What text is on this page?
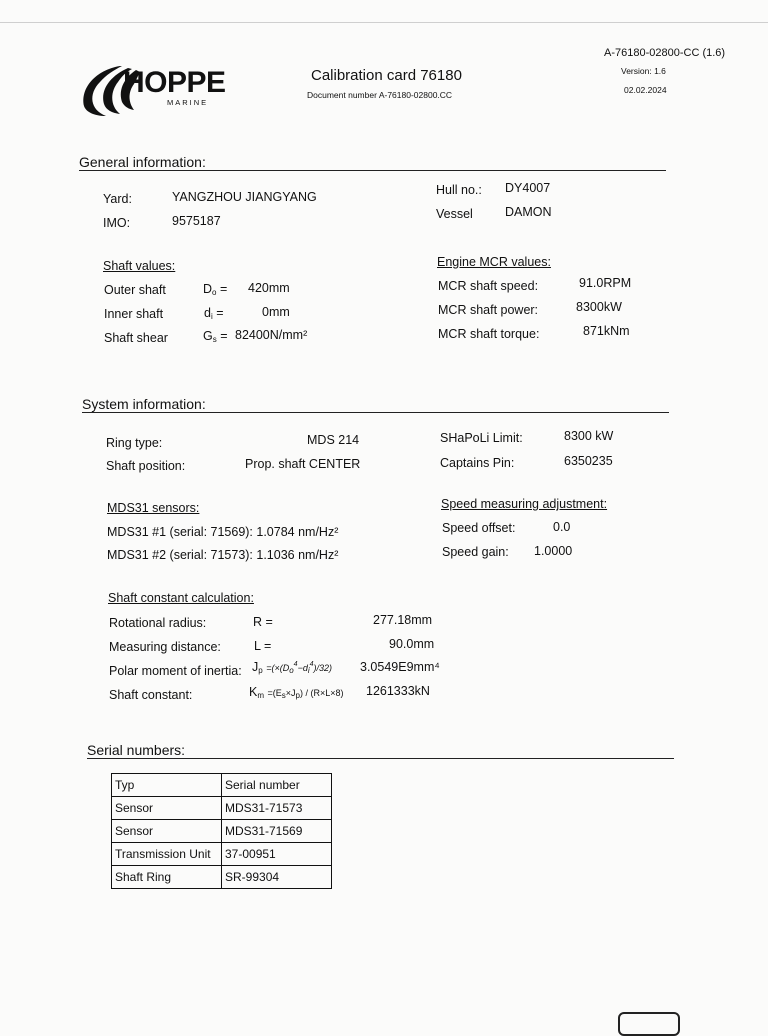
HOPPE
MARINE
Calibration card 76180
Document number A-76180-02800.CC
A-76180-02800-CC (1.6)
Version: 1.6
02.02.2024
General information:
Yard:	YANGZHOU JIANGYANG
IMO:	9575187
Hull no.: DY4007
Vessel	DAMON
Shaft values:
Outer shaft	$D_o = 420mm$
Inner shaft	$d_i$ =	0mm
Shaft shear	$G_s = 82400N/mm^2$
Engine MCR values:
MCR shaft speed:	91.0RPM
MCR shaft power:	8300kW
MCR shaft torque:	871kNm
System information:
Ring type:	MDS 214
Shaft position:	Prop. shaft CENTER
SHaPoLi Limit:	8300 kW
Captains Pin:	6350235
MDS31 sensors:
MDS31 #1 (serial: 71569): 1.0784 nm/Hz²
MDS31 #2 (serial: 71573): 1.1036 nm/Hz²
Speed measuring adjustment:
Speed offset:	0.0
Speed gain: 1.0000
Shaft constant calculation:
Rotational radius:	R =	277.18mm
Measuring distance:	L =	90.0mm
Polar moment of inertia: $J_p =(\times(Do^4-di^4)/32)$ 3.0549E9mm⁴
Shaft constant:	$K_m =(Es\times Jp) / (R\times L\times 8)$ 1261333kN
Serial numbers:
Typ	Serial number
Sensor	MDS31-71573
Sensor	MDS31-71569
Transmission Unit	37-00951
Shaft Ring	SR-99304
